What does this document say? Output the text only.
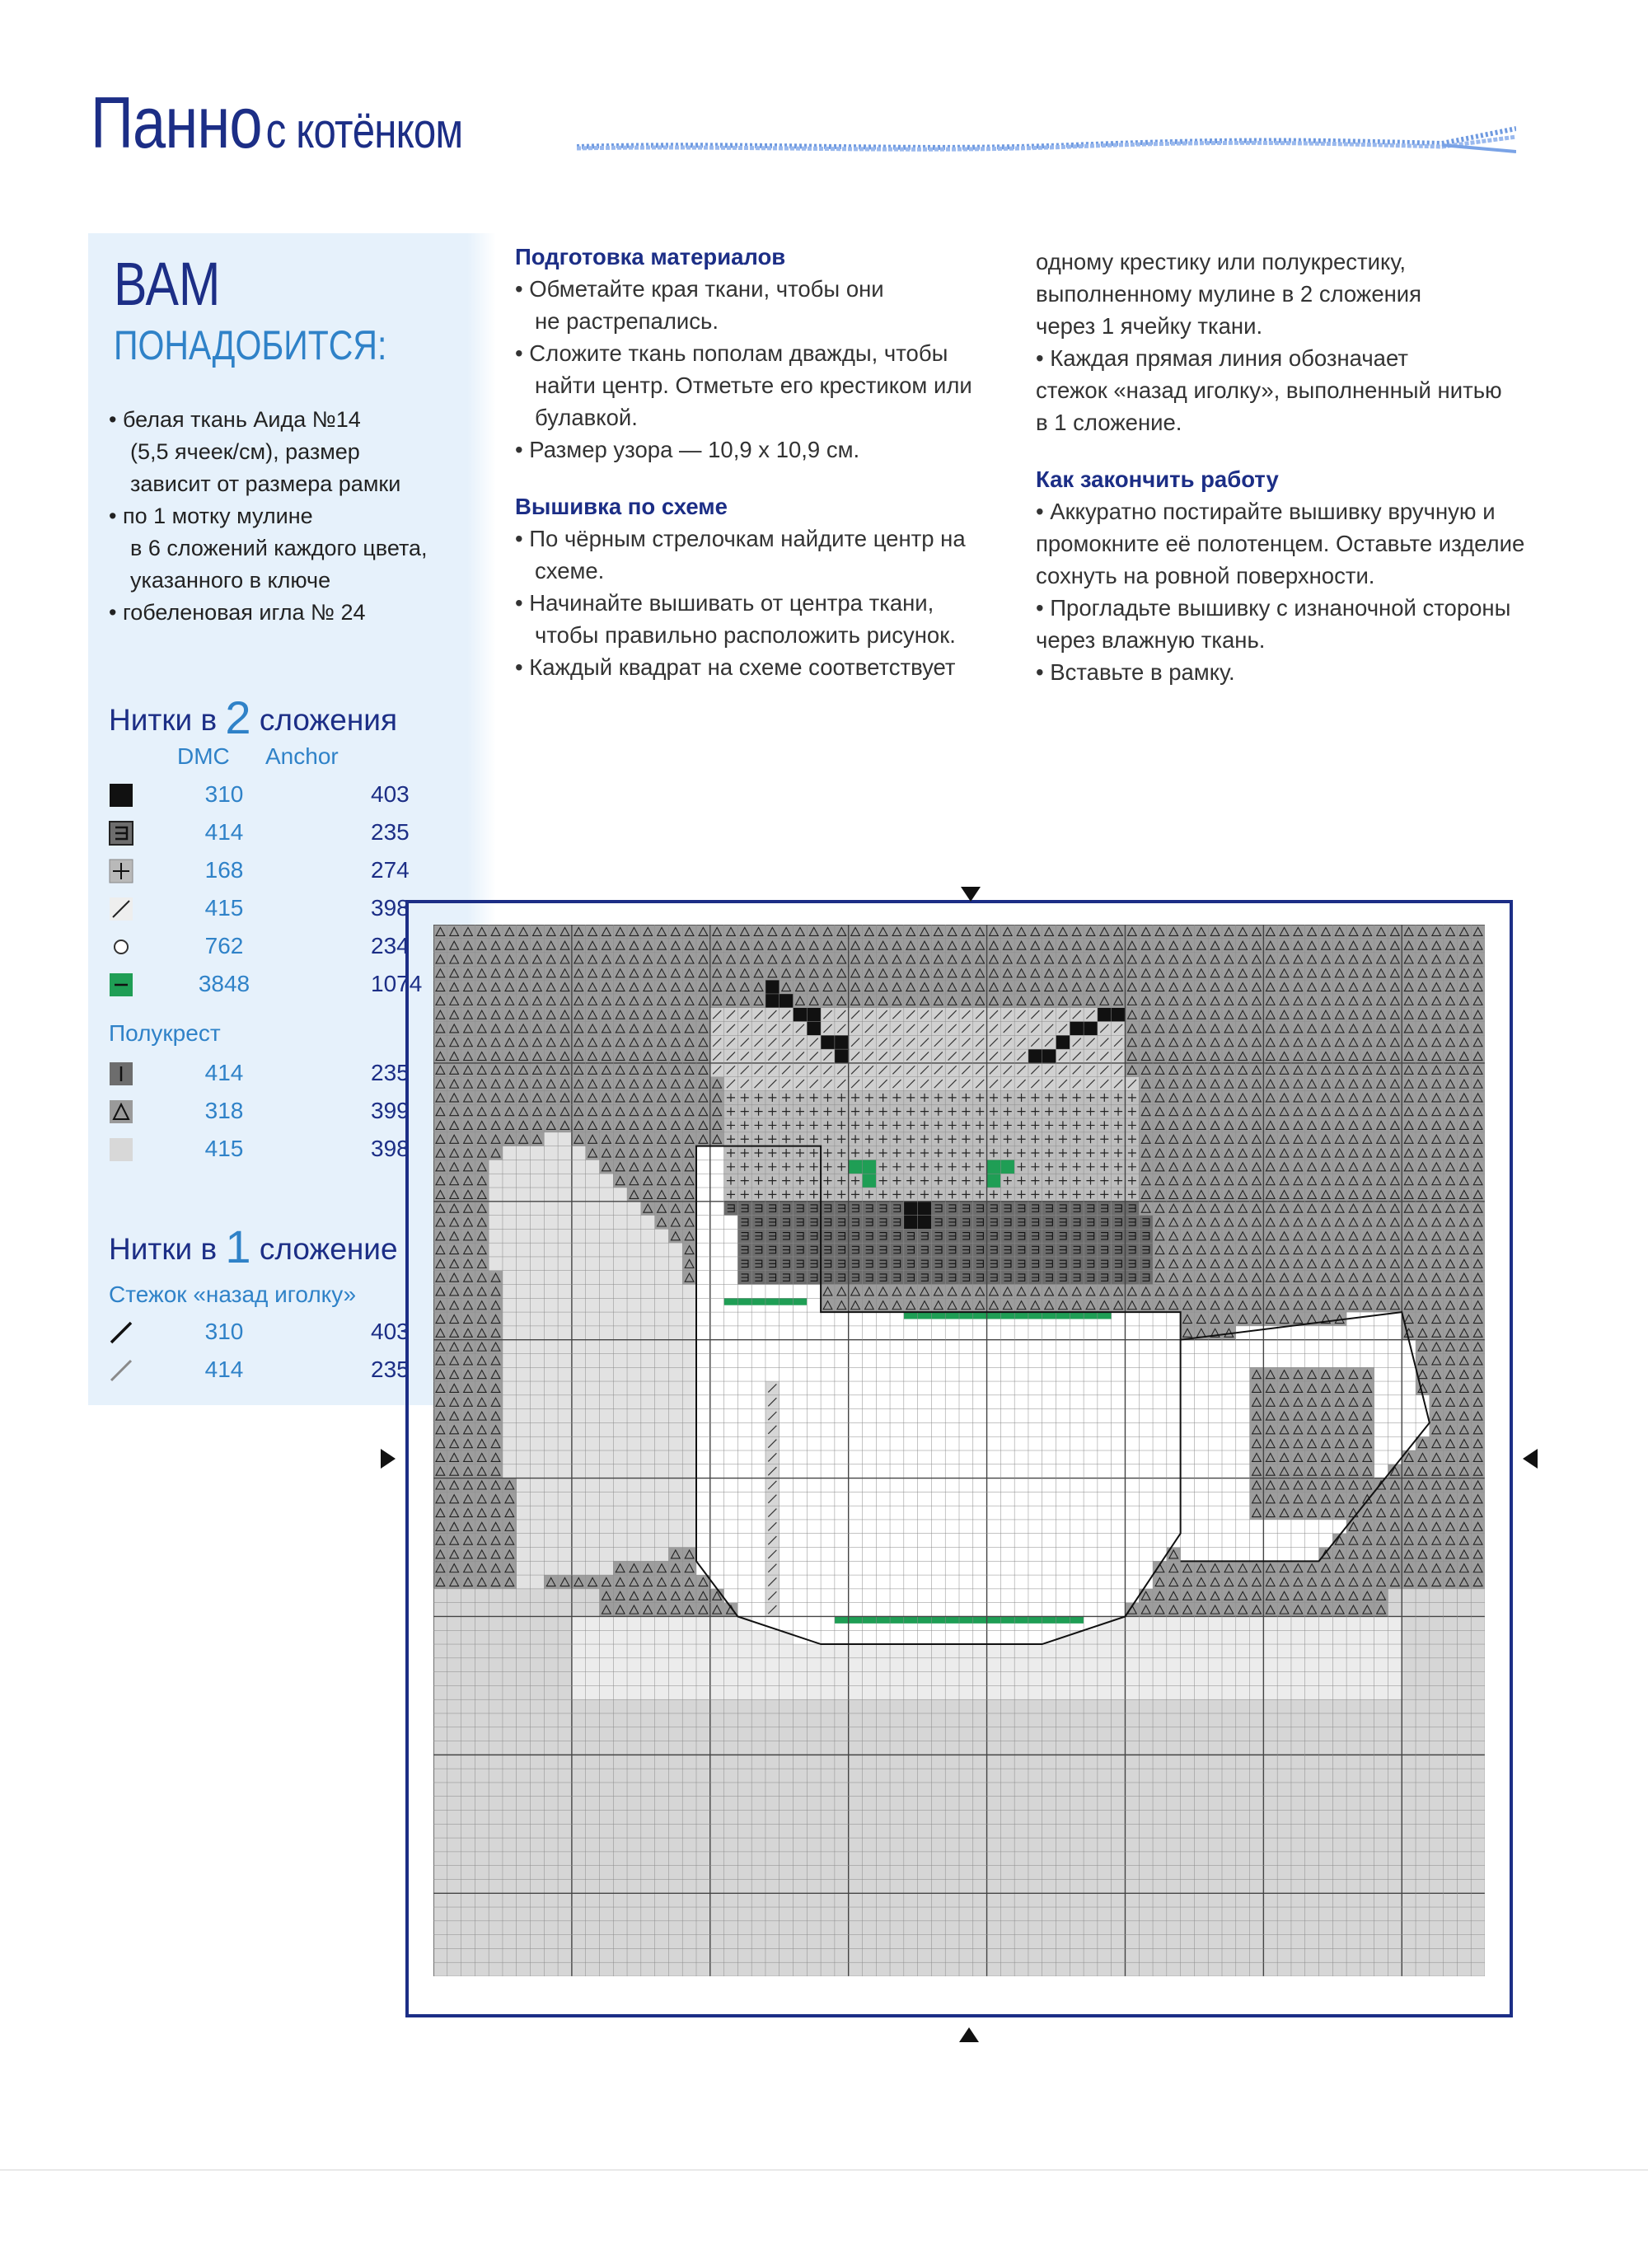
Паннос котёнком
ВАМ
ПОНАДОБИТСЯ:
• белая ткань Аида №14
(5,5 ячеек/см), размер
зависит от размера рамки
• по 1 мотку мулине
в 6 сложений каждого цвета,
указанного в ключе
• гобеленовая игла № 24
Нитки в 2 сложения
DMC Anchor
310	403
414	235
168	274
415	398
762	234
3848	1074
Полукрест
414	235
318	399
415	398
Нитки в 1 сложение
Стежок «назад иголку»
310	403
414	235
Подготовка материалов
• Обметайте края ткани, чтобы они
не растрепались.
• Сложите ткань пополам дважды, чтобы
найти центр. Отметьте его крестиком или
булавкой.
• Размер узора — 10,9 х 10,9 см.
Вышивка по схеме
• По чёрным стрелочкам найдите центр на
схеме.
• Начинайте вышивать от центра ткани,
чтобы правильно расположить рисунок.
• Каждый квадрат на схеме соответствует
одному крестику или полукрестику,
выполненному мулине в 2 сложения
через 1 ячейку ткани.
• Каждая прямая линия обозначает
стежок «назад иголку», выполненный нитью
в 1 сложение.
Как закончить работу
• Аккуратно постирайте вышивку вручную и
промокните её полотенцем. Оставьте изделие
сохнуть на ровной поверхности.
• Прогладьте вышивку с изнаночной стороны
через влажную ткань.
• Вставьте в рамку.
